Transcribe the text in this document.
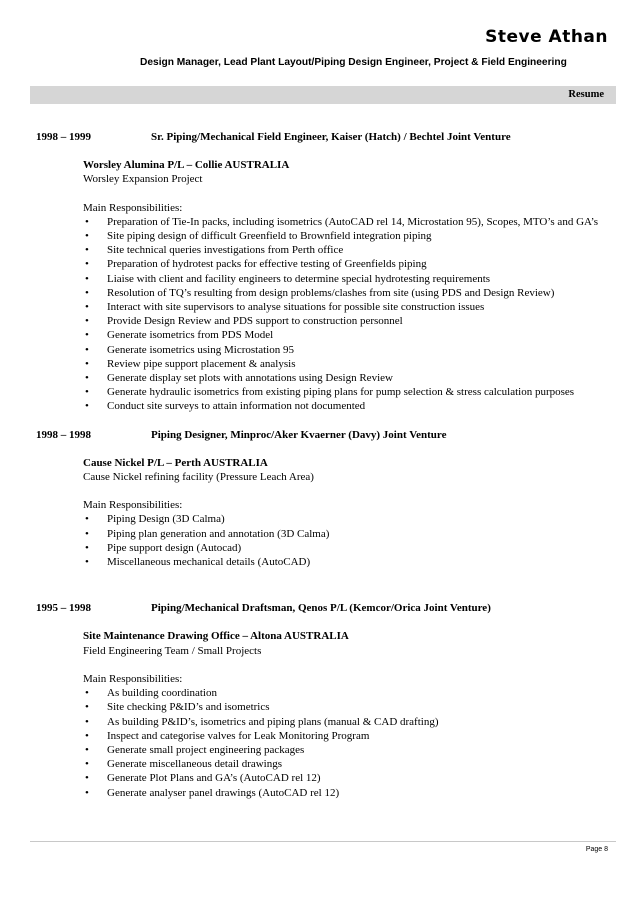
Steve Athan
Design Manager, Lead Plant Layout/Piping Design Engineer, Project & Field Engineering
Resume
1998 – 1999	Sr. Piping/Mechanical Field Engineer, Kaiser (Hatch) / Bechtel Joint Venture
Worsley Alumina P/L – Collie AUSTRALIA
Worsley Expansion Project
Main Responsibilities:
• Preparation of Tie-In packs, including isometrics (AutoCAD rel 14, Microstation 95), Scopes, MTO’s and GA’s
• Site piping design of difficult Greenfield to Brownfield integration piping
• Site technical queries investigations from Perth office
• Preparation of hydrotest packs for effective testing of Greenfields piping
• Liaise with client and facility engineers to determine special hydrotesting requirements
• Resolution of TQ’s resulting from design problems/clashes from site (using PDS and Design Review)
• Interact with site supervisors to analyse situations for possible site construction issues
• Provide Design Review and PDS support to construction personnel
• Generate isometrics from PDS Model
• Generate isometrics using Microstation 95
• Review pipe support placement & analysis
• Generate display set plots with annotations using Design Review
• Generate hydraulic isometrics from existing piping plans for pump selection & stress calculation purposes
• Conduct site surveys to attain information not documented
1998 – 1998	Piping Designer, Minproc/Aker Kvaerner (Davy) Joint Venture
Cause Nickel P/L – Perth AUSTRALIA
Cause Nickel refining facility (Pressure Leach Area)
Main Responsibilities:
• Piping Design (3D Calma)
• Piping plan generation and annotation (3D Calma)
• Pipe support design (Autocad)
• Miscellaneous mechanical details (AutoCAD)
1995 – 1998	Piping/Mechanical Draftsman, Qenos P/L (Kemcor/Orica Joint Venture)
Site Maintenance Drawing Office – Altona AUSTRALIA
Field Engineering Team / Small Projects
Main Responsibilities:
• As building coordination
• Site checking P&ID’s and isometrics
• As building P&ID’s, isometrics and piping plans (manual & CAD drafting)
• Inspect and categorise valves for Leak Monitoring Program
• Generate small project engineering packages
• Generate miscellaneous detail drawings
• Generate Plot Plans and GA’s (AutoCAD rel 12)
• Generate analyser panel drawings (AutoCAD rel 12)
Page 8
